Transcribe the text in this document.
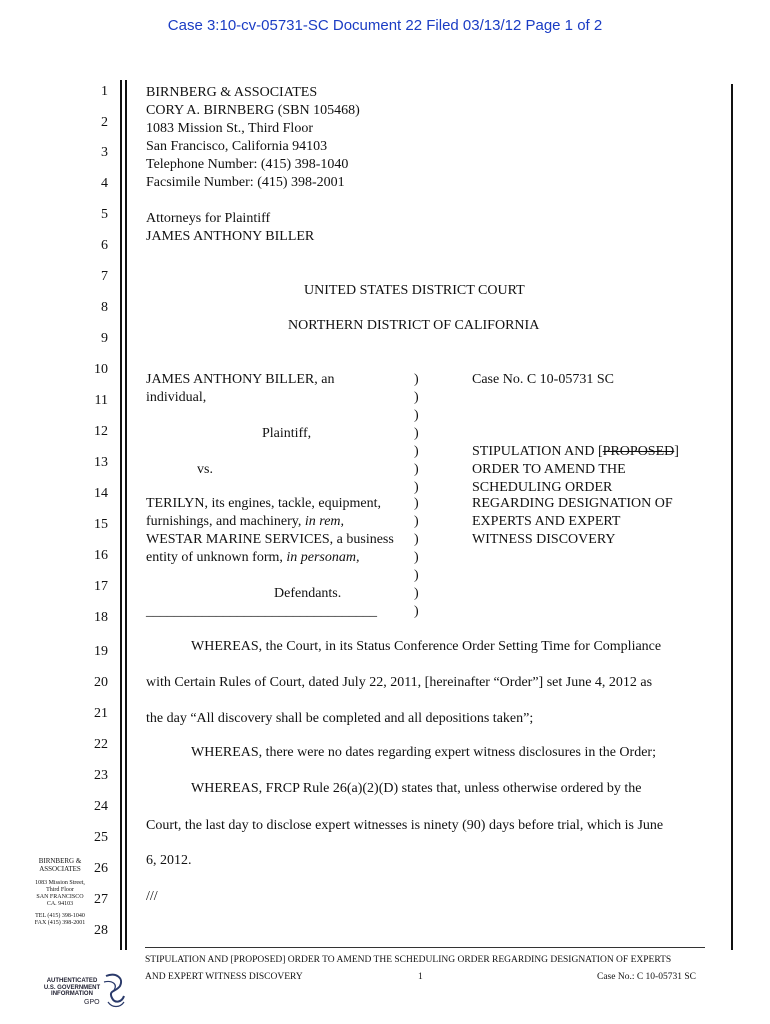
Case 3:10-cv-05731-SC Document 22 Filed 03/13/12 Page 1 of 2
1
2
3
4
5
6
7
8
9
10
11
12
13
14
15
16
17
18
19
20
21
22
23
24
25
26
27
28
BIRNBERG & ASSOCIATES
CORY A. BIRNBERG (SBN 105468)
1083 Mission St., Third Floor
San Francisco, California 94103
Telephone Number: (415) 398-1040
Facsimile Number: (415) 398-2001
Attorneys for Plaintiff
JAMES ANTHONY BILLER
UNITED STATES DISTRICT COURT
NORTHERN DISTRICT OF CALIFORNIA
JAMES ANTHONY BILLER, an
individual,
Plaintiff,
vs.
TERILYN, its engines, tackle, equipment,
furnishings, and machinery, in rem,
WESTAR MARINE SERVICES, a business
entity of unknown form, in personam,
Defendants.
_________________________________
)
)
)
)
)
)
)
)
)
)
)
)
)
)
Case No. C 10-05731 SC
STIPULATION AND [PROPOSED]
ORDER TO AMEND THE
SCHEDULING ORDER
REGARDING DESIGNATION OF
EXPERTS AND EXPERT
WITNESS DISCOVERY
WHEREAS, the Court, in its Status Conference Order Setting Time for Compliance
with Certain Rules of Court, dated July 22, 2011, [hereinafter “Order”] set June 4, 2012 as
the day “All discovery shall be completed and all depositions taken”;
WHEREAS, there were no dates regarding expert witness disclosures in the Order;
WHEREAS, FRCP Rule 26(a)(2)(D) states that, unless otherwise ordered by the
Court, the last day to disclose expert witnesses is ninety (90) days before trial, which is June
6, 2012.
///
BIRNBERG &
ASSOCIATES
1083 Mission Street,
Third Floor
SAN FRANCISCO
CA. 94103
TEL (415) 398-1040
FAX (415) 398-2001
STIPULATION AND [PROPOSED] ORDER TO AMEND THE SCHEDULING ORDER REGARDING DESIGNATION OF EXPERTS
AND EXPERT WITNESS DISCOVERY	1	Case No.: C 10-05731 SC
AUTHENTICATED
U.S. GOVERNMENT
INFORMATION
GPO
